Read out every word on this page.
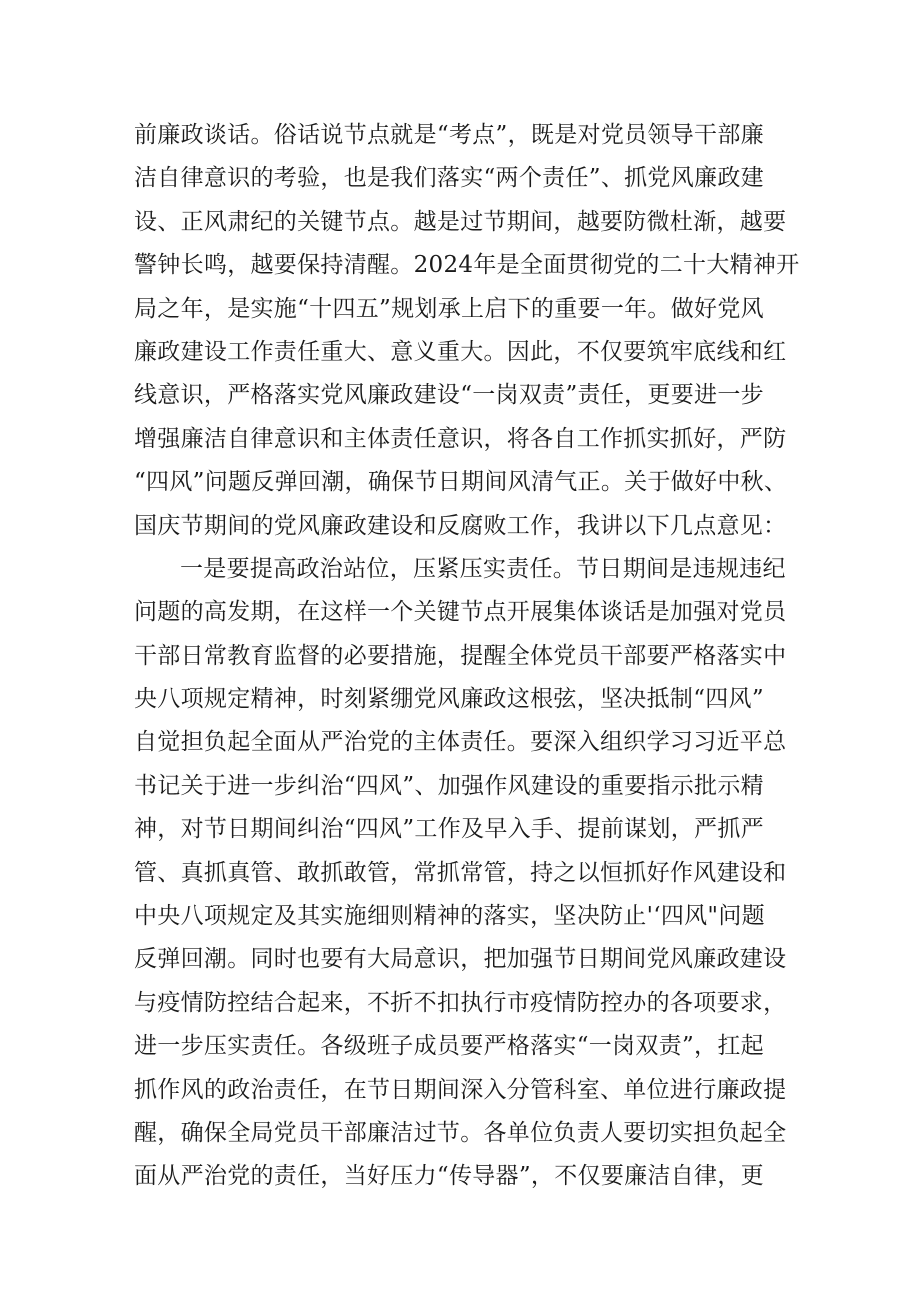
前廉政谈话。俗话说节点就是“考点”，既是对党员领导干部廉
洁自律意识的考验，也是我们落实“两个责任”、抓党风廉政建
设、正风肃纪的关键节点。越是过节期间，越要防微杜渐，越要
警钟长鸣，越要保持清醒。2024年是全面贯彻党的二十大精神开
局之年，是实施“十四五”规划承上启下的重要一年。做好党风
廉政建设工作责任重大、意义重大。因此，不仅要筑牢底线和红
线意识，严格落实党风廉政建设“一岗双责”责任，更要进一步
增强廉洁自律意识和主体责任意识，将各自工作抓实抓好，严防
“四风”问题反弹回潮，确保节日期间风清气正。关于做好中秋、
国庆节期间的党风廉政建设和反腐败工作，我讲以下几点意见：
一是要提高政治站位，压紧压实责任。节日期间是违规违纪
问题的高发期，在这样一个关键节点开展集体谈话是加强对党员
干部日常教育监督的必要措施，提醒全体党员干部要严格落实中
央八项规定精神，时刻紧绷党风廉政这根弦，坚决抵制“四风”
自觉担负起全面从严治党的主体责任。要深入组织学习习近平总
书记关于进一步纠治“四风”、加强作风建设的重要指示批示精
神，对节日期间纠治“四风”工作及早入手、提前谋划，严抓严
管、真抓真管、敢抓敢管，常抓常管，持之以恒抓好作风建设和
中央八项规定及其实施细则精神的落实，坚决防止'‘四风"问题
反弹回潮。同时也要有大局意识，把加强节日期间党风廉政建设
与疫情防控结合起来，不折不扣执行市疫情防控办的各项要求，
进一步压实责任。各级班子成员要严格落实“一岗双责”，扛起
抓作风的政治责任，在节日期间深入分管科室、单位进行廉政提
醒，确保全局党员干部廉洁过节。各单位负责人要切实担负起全
面从严治党的责任，当好压力“传导器”，不仅要廉洁自律，更
